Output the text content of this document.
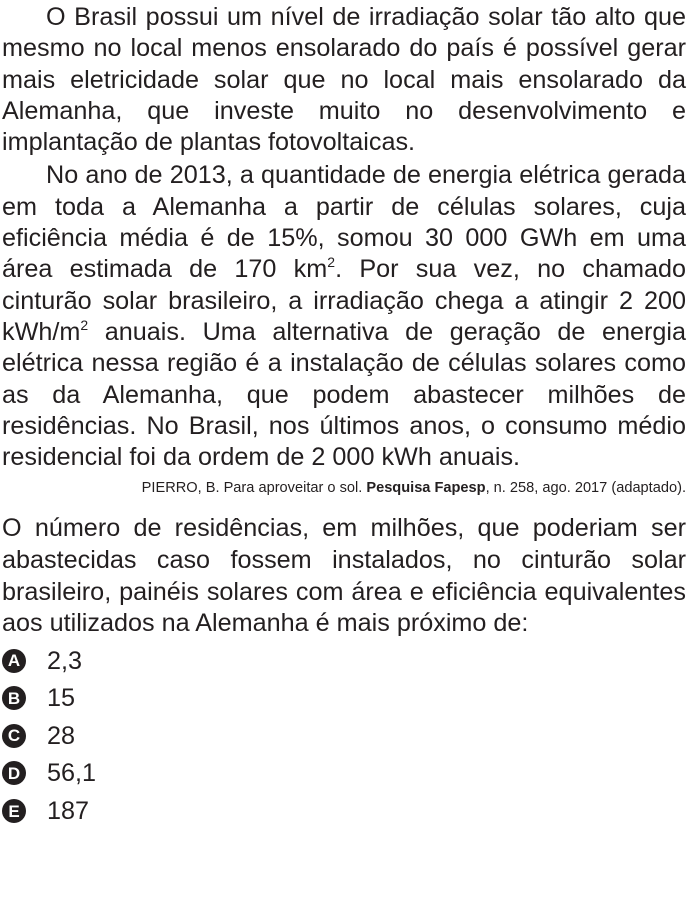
O Brasil possui um nível de irradiação solar tão alto que mesmo no local menos ensolarado do país é possível gerar mais eletricidade solar que no local mais ensolarado da Alemanha, que investe muito no desenvolvimento e implantação de plantas fotovoltaicas.

No ano de 2013, a quantidade de energia elétrica gerada em toda a Alemanha a partir de células solares, cuja eficiência média é de 15%, somou 30 000 GWh em uma área estimada de 170 $km^2$. Por sua vez, no chamado cinturão solar brasileiro, a irradiação chega a atingir 2 200 kWh/$m^2$ anuais. Uma alternativa de geração de energia elétrica nessa região é a instalação de células solares como as da Alemanha, que podem abastecer milhões de residências. No Brasil, nos últimos anos, o consumo médio residencial foi da ordem de 2 000 kWh anuais.

PIERRO, B. Para aproveitar o sol. Pesquisa Fapesp, n. 258, ago. 2017 (adaptado).

O número de residências, em milhões, que poderiam ser abastecidas caso fossem instalados, no cinturão solar brasileiro, painéis solares com área e eficiência equivalentes aos utilizados na Alemanha é mais próximo de:

A 2,3
B 15
C 28
D 56,1
E 187
